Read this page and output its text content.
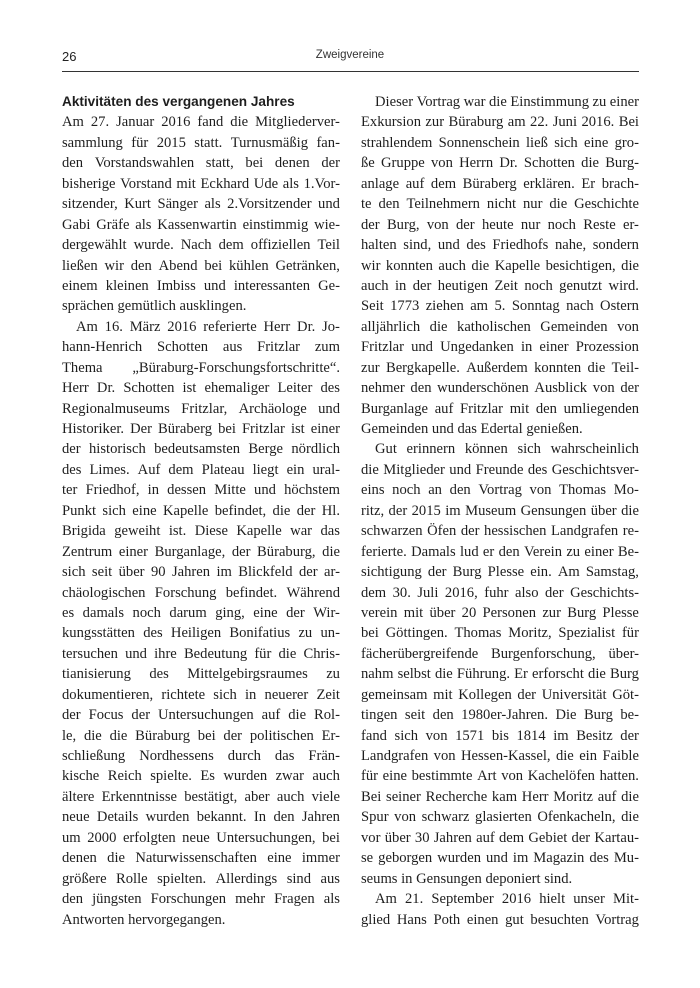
26	Zweigvereine
Aktivitäten des vergangenen Jahres
Am 27. Januar 2016 fand die Mitgliederver-
sammlung für 2015 statt. Turnusmäßig fan-
den Vorstandswahlen statt, bei denen der
bisherige Vorstand mit Eckhard Ude als 1.Vor-
sitzender, Kurt Sänger als 2.Vorsitzender und
Gabi Gräfe als Kassenwartin einstimmig wie-
dergewählt wurde. Nach dem offiziellen Teil
ließen wir den Abend bei kühlen Getränken,
einem kleinen Imbiss und interessanten Ge-
sprächen gemütlich ausklingen.
Am 16. März 2016 referierte Herr Dr. Jo-
hann-Henrich Schotten aus Fritzlar zum
Thema „Büraburg-Forschungsfortschritte“.
Herr Dr. Schotten ist ehemaliger Leiter des
Regionalmuseums Fritzlar, Archäologe und
Historiker. Der Büraberg bei Fritzlar ist einer
der historisch bedeutsamsten Berge nördlich
des Limes. Auf dem Plateau liegt ein ural-
ter Friedhof, in dessen Mitte und höchstem
Punkt sich eine Kapelle befindet, die der Hl.
Brigida geweiht ist. Diese Kapelle war das
Zentrum einer Burganlage, der Büraburg, die
sich seit über 90 Jahren im Blickfeld der ar-
chäologischen Forschung befindet. Während
es damals noch darum ging, eine der Wir-
kungsstätten des Heiligen Bonifatius zu un-
tersuchen und ihre Bedeutung für die Chris-
tianisierung des Mittelgebirgsraumes zu
dokumentieren, richtete sich in neuerer Zeit
der Focus der Untersuchungen auf die Rol-
le, die die Büraburg bei der politischen Er-
schließung Nordhessens durch das Frän-
kische Reich spielte. Es wurden zwar auch
ältere Erkenntnisse bestätigt, aber auch viele
neue Details wurden bekannt. In den Jahren
um 2000 erfolgten neue Untersuchungen, bei
denen die Naturwissenschaften eine immer
größere Rolle spielten. Allerdings sind aus
den jüngsten Forschungen mehr Fragen als
Antworten hervorgegangen.
Dieser Vortrag war die Einstimmung zu einer
Exkursion zur Büraburg am 22. Juni 2016. Bei
strahlendem Sonnenschein ließ sich eine gro-
ße Gruppe von Herrn Dr. Schotten die Burg-
anlage auf dem Büraberg erklären. Er brach-
te den Teilnehmern nicht nur die Geschichte
der Burg, von der heute nur noch Reste er-
halten sind, und des Friedhofs nahe, sondern
wir konnten auch die Kapelle besichtigen, die
auch in der heutigen Zeit noch genutzt wird.
Seit 1773 ziehen am 5. Sonntag nach Ostern
alljährlich die katholischen Gemeinden von
Fritzlar und Ungedanken in einer Prozession
zur Bergkapelle. Außerdem konnten die Teil-
nehmer den wunderschönen Ausblick von der
Burganlage auf Fritzlar mit den umliegenden
Gemeinden und das Edertal genießen.
Gut erinnern können sich wahrscheinlich
die Mitglieder und Freunde des Geschichtsver-
eins noch an den Vortrag von Thomas Mo-
ritz, der 2015 im Museum Gensungen über die
schwarzen Öfen der hessischen Landgrafen re-
ferierte. Damals lud er den Verein zu einer Be-
sichtigung der Burg Plesse ein. Am Samstag,
dem 30. Juli 2016, fuhr also der Geschichts-
verein mit über 20 Personen zur Burg Plesse
bei Göttingen. Thomas Moritz, Spezialist für
fächerübergreifende Burgenforschung, über-
nahm selbst die Führung. Er erforscht die Burg
gemeinsam mit Kollegen der Universität Göt-
tingen seit den 1980er-Jahren. Die Burg be-
fand sich von 1571 bis 1814 im Besitz der
Landgrafen von Hessen-Kassel, die ein Faible
für eine bestimmte Art von Kachelöfen hatten.
Bei seiner Recherche kam Herr Moritz auf die
Spur von schwarz glasierten Ofenkacheln, die
vor über 30 Jahren auf dem Gebiet der Kartau-
se geborgen wurden und im Magazin des Mu-
seums in Gensungen deponiert sind.
Am 21. September 2016 hielt unser Mit-
glied Hans Poth einen gut besuchten Vortrag
